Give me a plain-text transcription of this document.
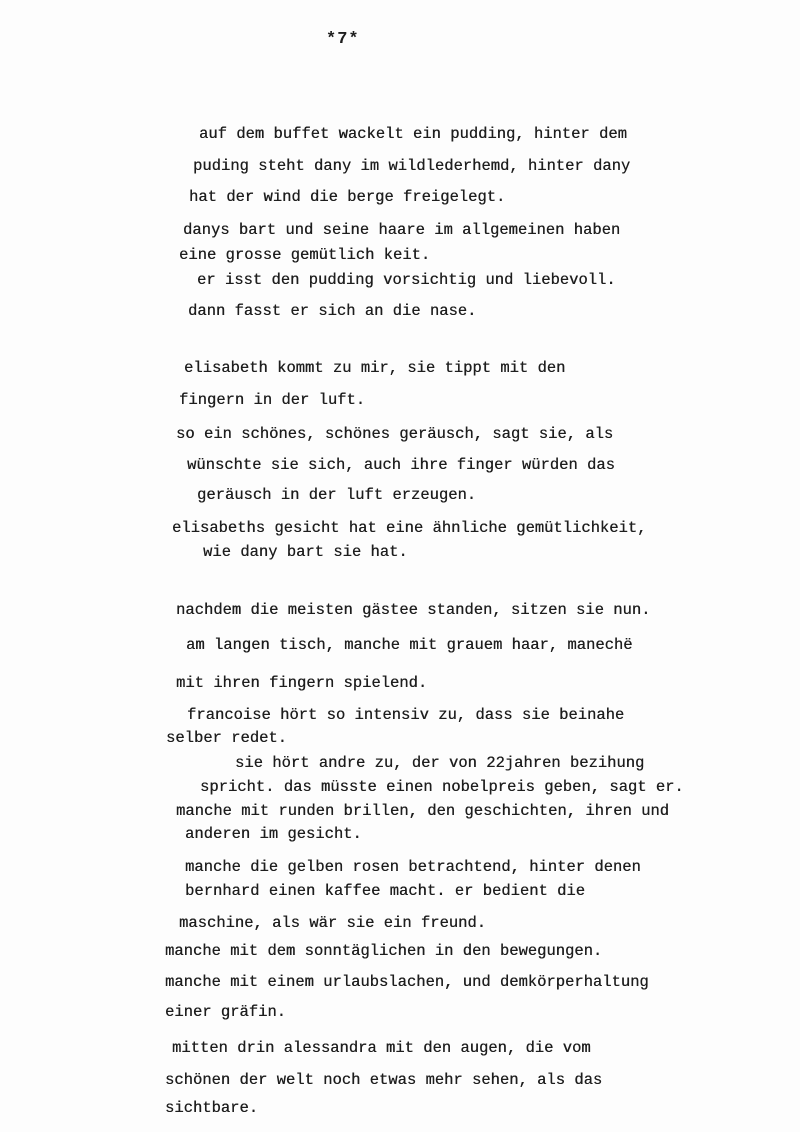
*7*
auf dem buffet wackelt ein pudding, hinter dem
puding steht dany im wildlederhemd, hinter dany
hat der wind die berge freigelegt.
danys bart und seine haare im allgemeinen haben
eine grosse gemütlich keit.
er isst den pudding vorsichtig und liebevoll.
dann fasst er sich an die nase.
elisabeth kommt zu mir, sie tippt mit den
fingern in der luft.
so ein schönes, schönes geräusch, sagt sie, als
wünschte sie sich, auch ihre finger würden das
geräusch in der luft erzeugen.
elisabeths gesicht hat eine ähnliche gemütlichkeit,
wie dany bart sie hat.
nachdem die meisten gästee standen, sitzen sie nun.
am langen tisch, manche mit grauem haar, manechë
mit ihren fingern spielend.
francoise hört so intensiv zu, dass sie beinahe
selber redet.
sie hört andre zu, der von 22jahren bezihung
spricht. das müsste einen nobelpreis geben, sagt er.
manche mit runden brillen, den geschichten, ihren und
anderen im gesicht.
manche die gelben rosen betrachtend, hinter denen
bernhard einen kaffee macht. er bedient die
maschine, als wär sie ein freund.
manche mit dem sonntäglichen in den bewegungen.
manche mit einem urlaubslachen, und demkörperhaltung
einer gräfin.
mitten drin alessandra mit den augen, die vom
schönen der welt noch etwas mehr sehen, als das
sichtbare.
